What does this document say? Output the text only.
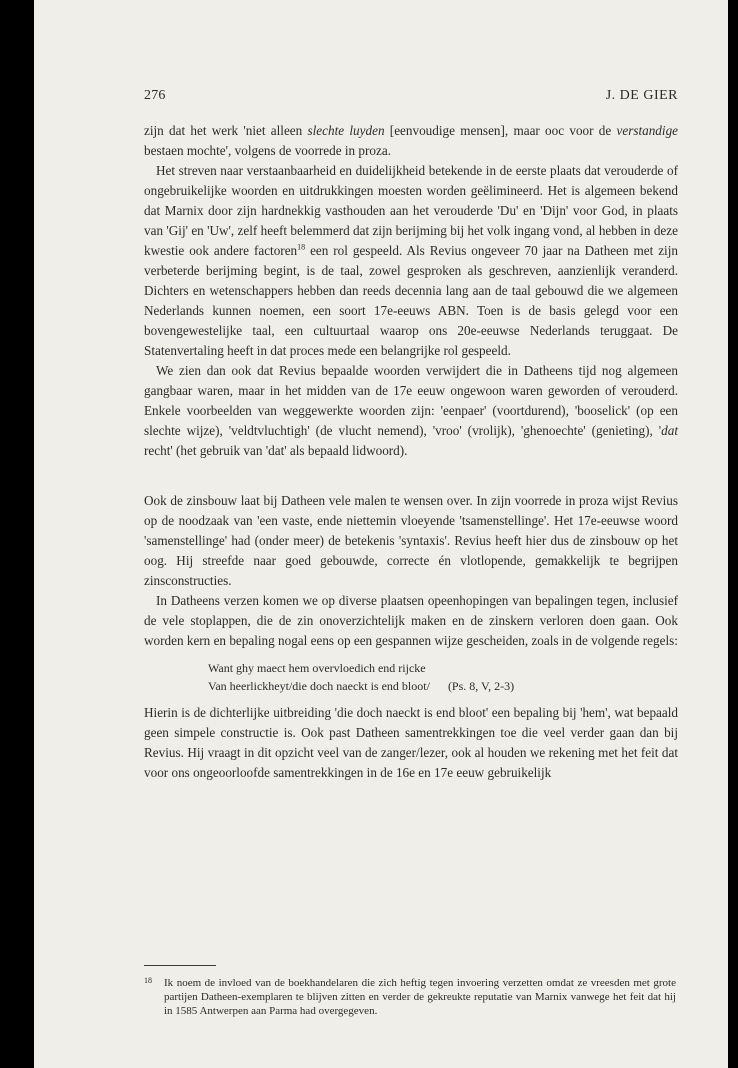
276	J. DE GIER

zijn dat het werk 'niet alleen slechte luyden [eenvoudige mensen], maar ooc voor de verstandige bestaen mochte', volgens de voorrede in proza.

Het streven naar verstaanbaarheid en duidelijkheid betekende in de eerste plaats dat verouderde of ongebruikelijke woorden en uitdrukkingen moesten worden geëlimineerd. Het is algemeen bekend dat Marnix door zijn hardnekkig vasthouden aan het verouderde 'Du' en 'Dijn' voor God, in plaats van 'Gij' en 'Uw', zelf heeft belemmerd dat zijn berijming bij het volk ingang vond, al hebben in deze kwestie ook andere factoren$^{18}$ een rol gespeeld. Als Revius ongeveer 70 jaar na Datheen met zijn verbeterde berijming begint, is de taal, zowel gesproken als geschreven, aanzienlijk veranderd. Dichters en wetenschappers hebben dan reeds decennia lang aan de taal gebouwd die we algemeen Nederlands kunnen noemen, een soort 17e-eeuws ABN. Toen is de basis gelegd voor een bovengewestelijke taal, een cultuurtaal waarop ons 20e-eeuwse Nederlands teruggaat. De Statenvertaling heeft in dat proces mede een belangrijke rol gespeeld.

We zien dan ook dat Revius bepaalde woorden verwijdert die in Datheens tijd nog algemeen gangbaar waren, maar in het midden van de 17e eeuw ongewoon waren geworden of verouderd. Enkele voorbeelden van weggewerkte woorden zijn: 'eenpaer' (voortdurend), 'booselick' (op een slechte wijze), 'veldtvluchtigh' (de vlucht nemend), 'vroo' (vrolijk), 'ghenoechte' (genieting), 'dat recht' (het gebruik van 'dat' als bepaald lidwoord).

Ook de zinsbouw laat bij Datheen vele malen te wensen over. In zijn voorrede in proza wijst Revius op de noodzaak van 'een vaste, ende niettemin vloeyende 'tsamenstellinge'. Het 17e-eeuwse woord 'samenstellinge' had (onder meer) de betekenis 'syntaxis'. Revius heeft hier dus de zinsbouw op het oog. Hij streefde naar goed gebouwde, correcte én vlotlopende, gemakkelijk te begrijpen zinsconstructies.

In Datheens verzen komen we op diverse plaatsen opeenhopingen van bepalingen tegen, inclusief de vele stoplappen, die de zin onoverzichtelijk maken en de zinskern verloren doen gaan. Ook worden kern en bepaling nogal eens op een gespannen wijze gescheiden, zoals in de volgende regels:

Want ghy maect hem overvloedich end rijcke
Van heerlickheyt/die doch naeckt is end bloot/ (Ps. 8, V, 2-3)

Hierin is de dichterlijke uitbreiding 'die doch naeckt is end bloot' een bepaling bij 'hem', wat bepaald geen simpele constructie is. Ook past Datheen samentrekkingen toe die veel verder gaan dan bij Revius. Hij vraagt in dit opzicht veel van de zanger/lezer, ook al houden we rekening met het feit dat voor ons ongeoorloofde samentrekkingen in de 16e en 17e eeuw gebruikelijk

18 Ik noem de invloed van de boekhandelaren die zich heftig tegen invoering verzetten omdat ze vreesden met grote partijen Datheen-exemplaren te blijven zitten en verder de gekreukte reputatie van Marnix vanwege het feit dat hij in 1585 Antwerpen aan Parma had overgegeven.
